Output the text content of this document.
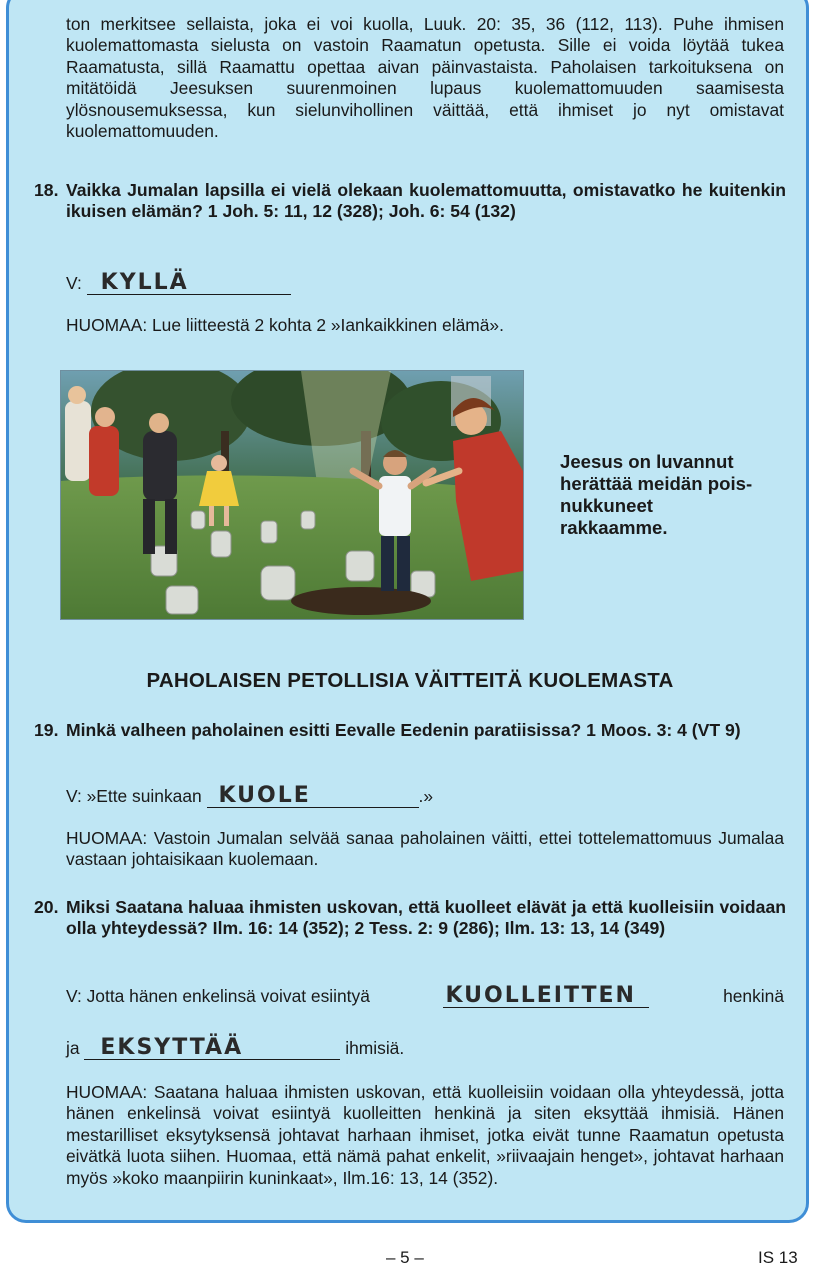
ton merkitsee sellaista, joka ei voi kuolla, Luuk. 20: 35, 36 (112, 113). Puhe ihmisen kuolemattomasta sielusta on vastoin Raamatun opetusta. Sille ei voida löytää tukea Raamatusta, sillä Raamattu opettaa aivan päinvastaista. Paholaisen tarkoituksena on mitätöidä Jeesuksen suurenmoinen lupaus kuolemattomuuden saamisesta ylösnousemuksessa, kun sielunvihollinen väittää, että ihmiset jo nyt omistavat kuolemattomuuden.

18. Vaikka Jumalan lapsilla ei vielä olekaan kuolemattomuutta, omistavatko he kuitenkin ikuisen elämän? 1 Joh. 5: 11, 12 (328); Joh. 6: 54 (132)

V: KYLLÄ

HUOMAA: Lue liitteestä 2 kohta 2 »Iankaikkinen elämä».

Jeesus on luvannut herättää meidän pois-nukkuneet rakkaamme.
PAHOLAISEN PETOLLISIA VÄITTEITÄ KUOLEMASTA
19. Minkä valheen paholainen esitti Eevalle Eedenin paratiisissa? 1 Moos. 3: 4 (VT 9)

V: »Ette suinkaan KUOLE	.»

HUOMAA: Vastoin Jumalan selvää sanaa paholainen väitti, ettei tottelemattomuus Jumalaa vastaan johtaisikaan kuolemaan.

20. Miksi Saatana haluaa ihmisten uskovan, että kuolleet elävät ja että kuolleisiin voidaan olla yhteydessä? Ilm. 16: 14 (352); 2 Tess. 2: 9 (286); Ilm. 13: 13, 14 (349)

V: Jotta hänen enkelinsä voivat esiintyä	KUOLLEITTEN	henkinä
ja EKSYTTÄÄ	ihmisiä.

HUOMAA: Saatana haluaa ihmisten uskovan, että kuolleisiin voidaan olla yhteydessä, jotta hänen enkelinsä voivat esiintyä kuolleitten henkinä ja siten eksyttää ihmisiä. Hänen mestarilliset eksytyksensä johtavat harhaan ihmiset, jotka eivät tunne Raamatun opetusta eivätkä luota siihen. Huomaa, että nämä pahat enkelit, »riivaajain henget», johtavat harhaan myös »koko maanpiirin kuninkaat», Ilm.16: 13, 14 (352).

– 5 –	IS 13
